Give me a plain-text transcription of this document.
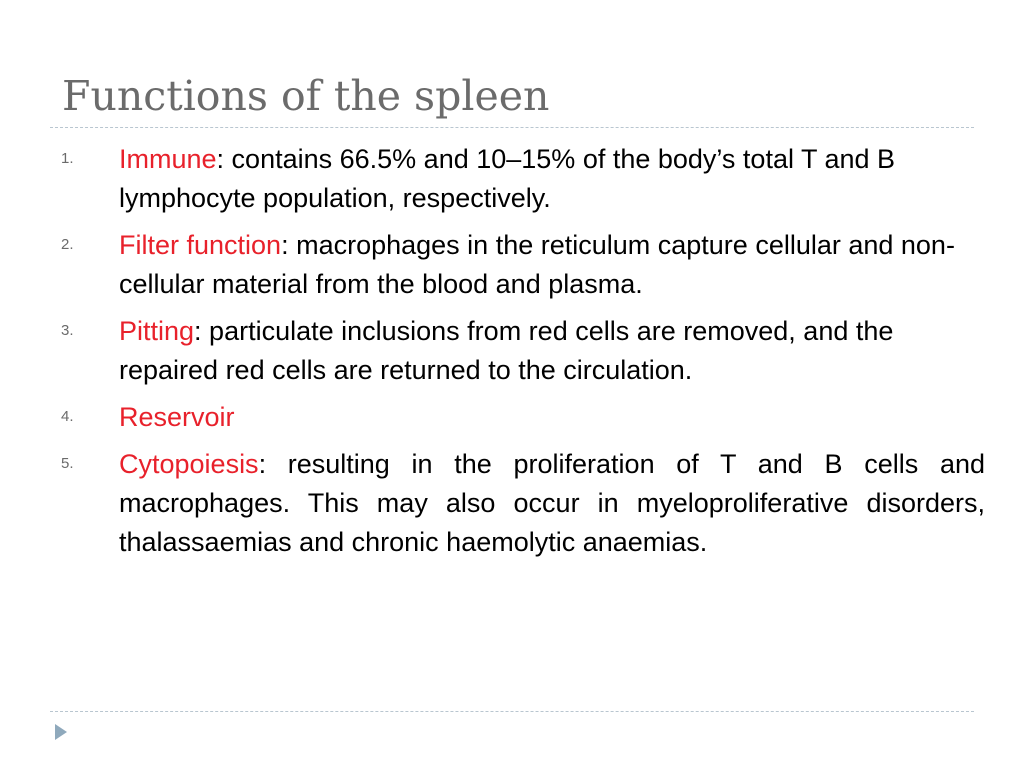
Functions of the spleen
1. Immune: contains 66.5% and 10–15% of the body’s total T and B lymphocyte population, respectively.
2. Filter function: macrophages in the reticulum capture cellular and non-cellular material from the blood and plasma.
3. Pitting: particulate inclusions from red cells are removed, and the repaired red cells are returned to the circulation.
4. Reservoir
5. Cytopoiesis: resulting in the proliferation of T and B cells and macrophages. This may also occur in myeloproliferative disorders, thalassaemias and chronic haemolytic anaemias.
